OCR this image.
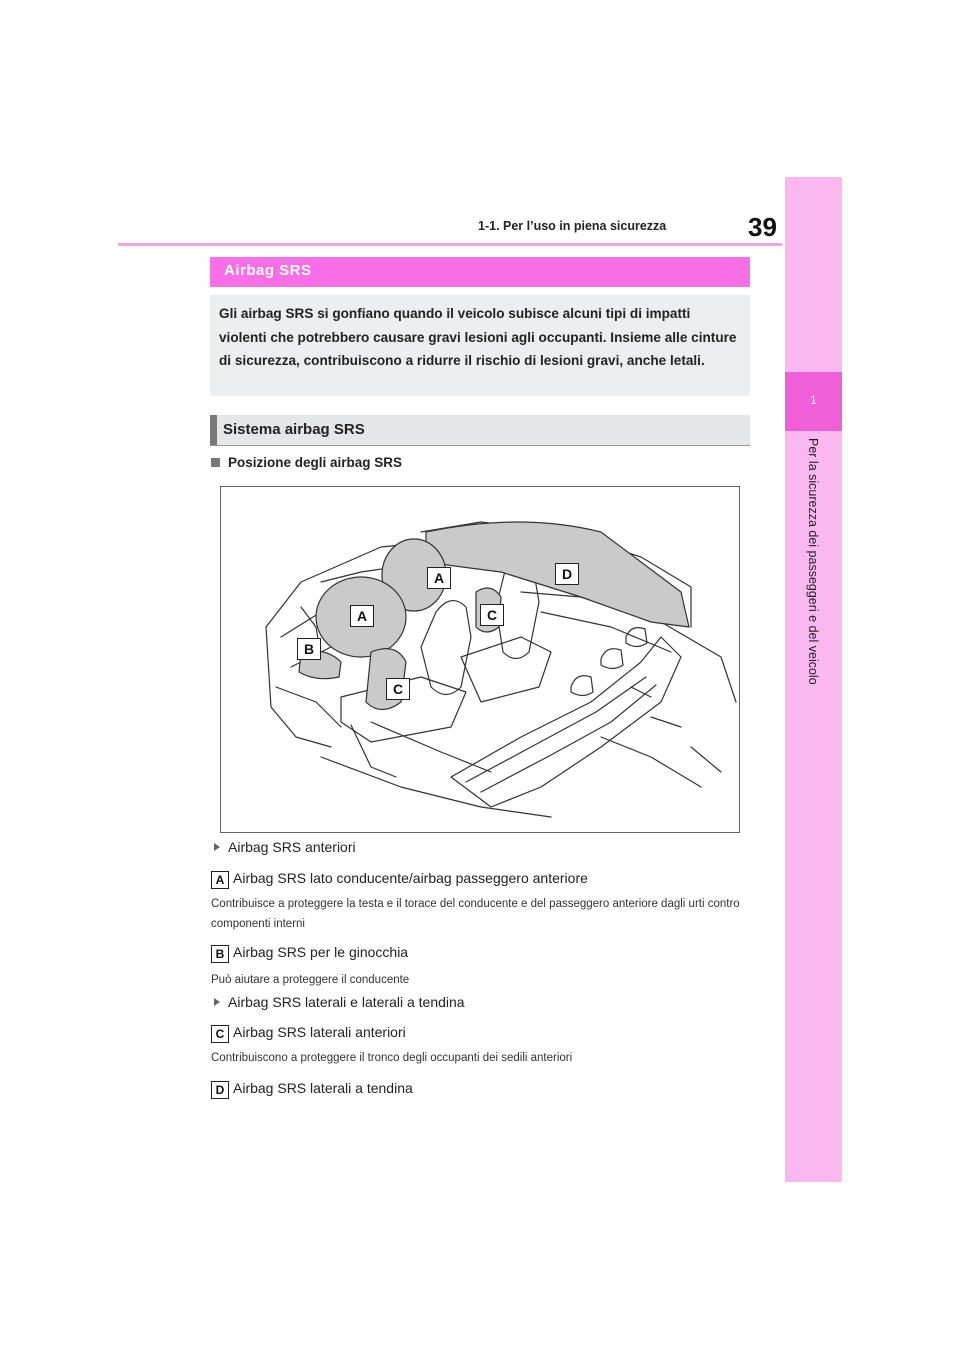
1-1. Per l’uso in piena sicurezza	39
1
Per la sicurezza dei passeggeri e del veicolo
Airbag SRS
Gli airbag SRS si gonfiano quando il veicolo subisce alcuni tipi di impatti violenti che potrebbero causare gravi lesioni agli occupanti. Insieme alle cinture di sicurezza, contribuiscono a ridurre il rischio di lesioni gravi, anche letali.
Sistema airbag SRS
Posizione degli airbag SRS
A	D
A	C
B
C
Airbag SRS anteriori
A Airbag SRS lato conducente/airbag passeggero anteriore
Contribuisce a proteggere la testa e il torace del conducente e del passeggero anteriore dagli urti contro componenti interni
B Airbag SRS per le ginocchia
Può aiutare a proteggere il conducente
Airbag SRS laterali e laterali a tendina
C Airbag SRS laterali anteriori
Contribuiscono a proteggere il tronco degli occupanti dei sedili anteriori
D Airbag SRS laterali a tendina
